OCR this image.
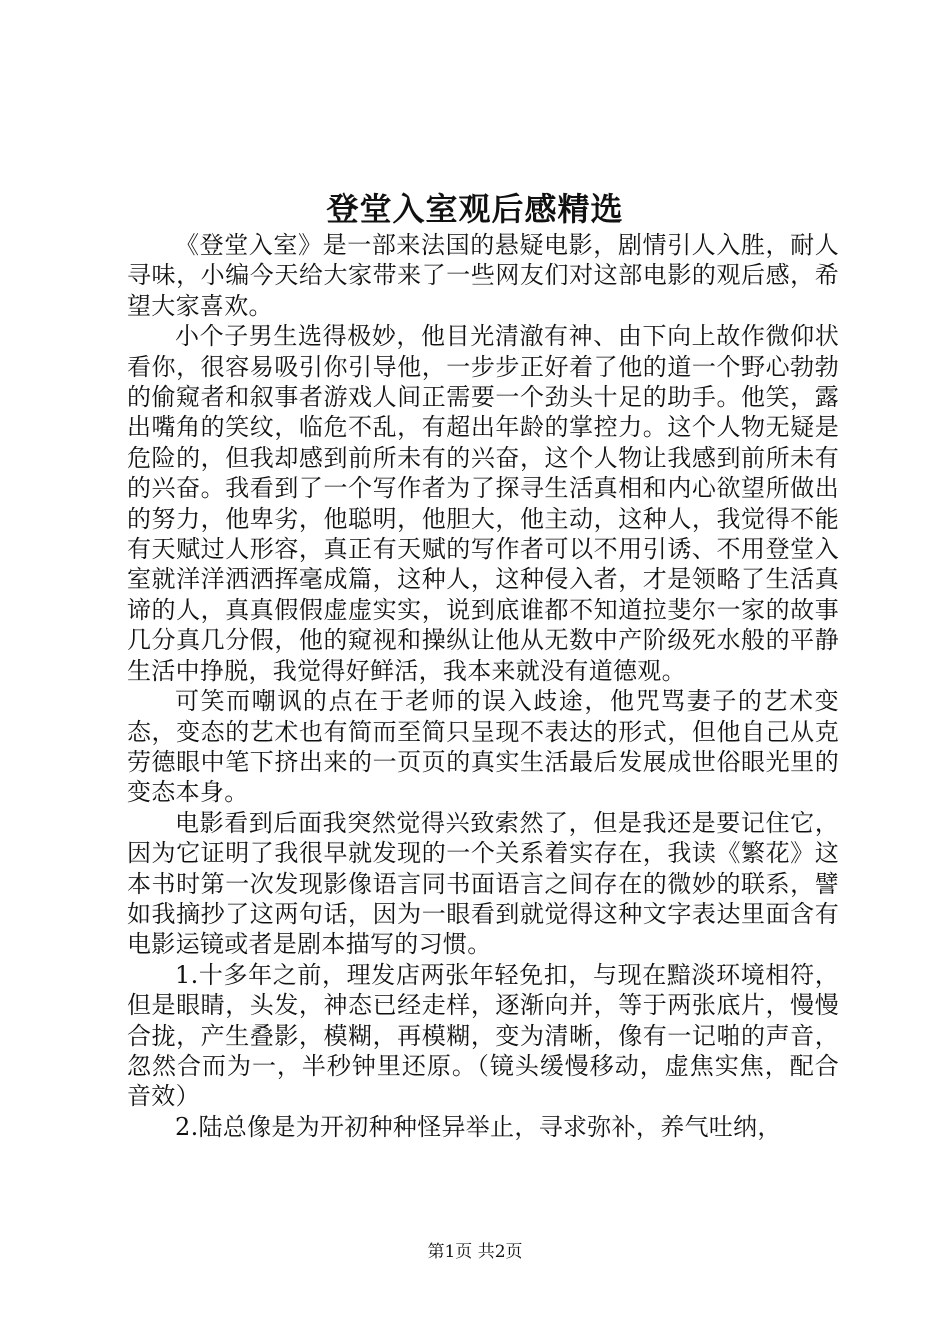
登堂入室观后感精选

《登堂入室》是一部来法国的悬疑电影，剧情引人入胜，耐人寻味，小编今天给大家带来了一些网友们对这部电影的观后感，希望大家喜欢。

小个子男生选得极妙，他目光清澈有神、由下向上故作微仰状看你，很容易吸引你引导他，一步步正好着了他的道一个野心勃勃的偷窥者和叙事者游戏人间正需要一个劲头十足的助手。他笑，露出嘴角的笑纹，临危不乱，有超出年龄的掌控力。这个人物无疑是危险的，但我却感到前所未有的兴奋，这个人物让我感到前所未有的兴奋。我看到了一个写作者为了探寻生活真相和内心欲望所做出的努力，他卑劣，他聪明，他胆大，他主动，这种人，我觉得不能有天赋过人形容，真正有天赋的写作者可以不用引诱、不用登堂入室就洋洋洒洒挥毫成篇，这种人，这种侵入者，才是领略了生活真谛的人，真真假假虚虚实实，说到底谁都不知道拉斐尔一家的故事几分真几分假，他的窥视和操纵让他从无数中产阶级死水般的平静生活中挣脱，我觉得好鲜活，我本来就没有道德观。

可笑而嘲讽的点在于老师的误入歧途，他咒骂妻子的艺术变态，变态的艺术也有简而至简只呈现不表达的形式，但他自己从克劳德眼中笔下挤出来的一页页的真实生活最后发展成世俗眼光里的变态本身。

电影看到后面我突然觉得兴致索然了，但是我还是要记住它，因为它证明了我很早就发现的一个关系着实存在，我读《繁花》这本书时第一次发现影像语言同书面语言之间存在的微妙的联系，譬如我摘抄了这两句话，因为一眼看到就觉得这种文字表达里面含有电影运镜或者是剧本描写的习惯。

1.十多年之前，理发店两张年轻免扣，与现在黯淡环境相符，但是眼睛，头发，神态已经走样，逐渐向并，等于两张底片，慢慢合拢，产生叠影，模糊，再模糊，变为清晰，像有一记啪的声音，忽然合而为一，半秒钟里还原。（镜头缓慢移动，虚焦实焦，配合音效）

2.陆总像是为开初种种怪异举止，寻求弥补，养气吐纳，

第1页 共2页
